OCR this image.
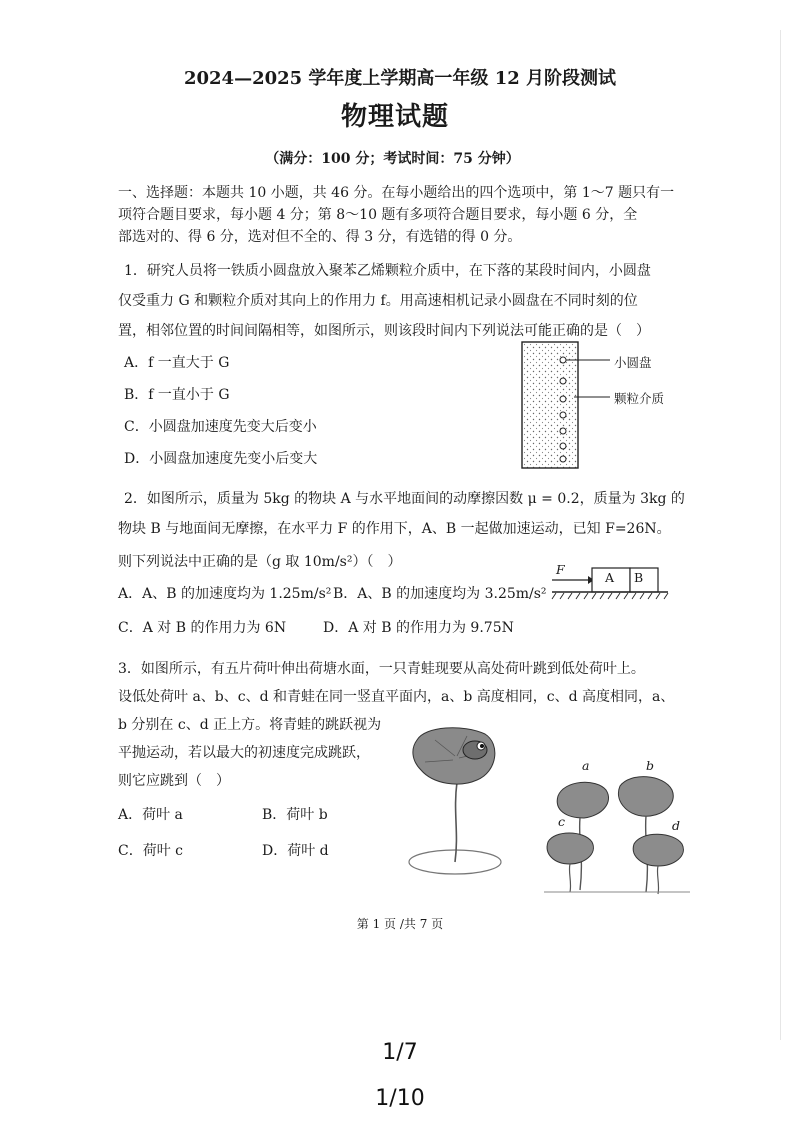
2024—2025 学年度上学期高一年级 12 月阶段测试
物理试题
（满分：100 分；考试时间：75 分钟）
一、选择题：本题共 10 小题，共 46 分。在每小题给出的四个选项中，第 1～7 题只有一
项符合题目要求，每小题 4 分；第 8～10 题有多项符合题目要求，每小题 6 分，全
部选对的、得 6 分，选对但不全的、得 3 分，有选错的得 0 分。
1．研究人员将一铁质小圆盘放入聚苯乙烯颗粒介质中，在下落的某段时间内，小圆盘
仅受重力 G 和颗粒介质对其向上的作用力 f。用高速相机记录小圆盘在不同时刻的位
置，相邻位置的时间间隔相等，如图所示，则该段时间内下列说法可能正确的是（　）
A．f 一直大于 G
B．f 一直小于 G
C．小圆盘加速度先变大后变小
D．小圆盘加速度先变小后变大
小圆盘
颗粒介质
2．如图所示，质量为 5kg 的物块 A 与水平地面间的动摩擦因数 μ = 0.2，质量为 3kg 的
物块 B 与地面间无摩擦，在水平力 F 的作用下，A、B 一起做加速运动，已知 F=26N。
则下列说法中正确的是（g 取 10m/s²）（　）
A．A、B 的加速度均为 1.25m/s² B．A、B 的加速度均为 3.25m/s²
C．A 对 B 的作用力为 6N	D．A 对 B 的作用力为 9.75N
F
A B
3．如图所示，有五片荷叶伸出荷塘水面，一只青蛙现要从高处荷叶跳到低处荷叶上。
设低处荷叶 a、b、c、d 和青蛙在同一竖直平面内，a、b 高度相同，c、d 高度相同，a、
b 分别在 c、d 正上方。将青蛙的跳跃视为
平抛运动，若以最大的初速度完成跳跃，
则它应跳到（　）
A．荷叶 a	B．荷叶 b
C．荷叶 c	D．荷叶 d
a	b
c	d
第 1 页 /共 7 页
1/7
1/10
